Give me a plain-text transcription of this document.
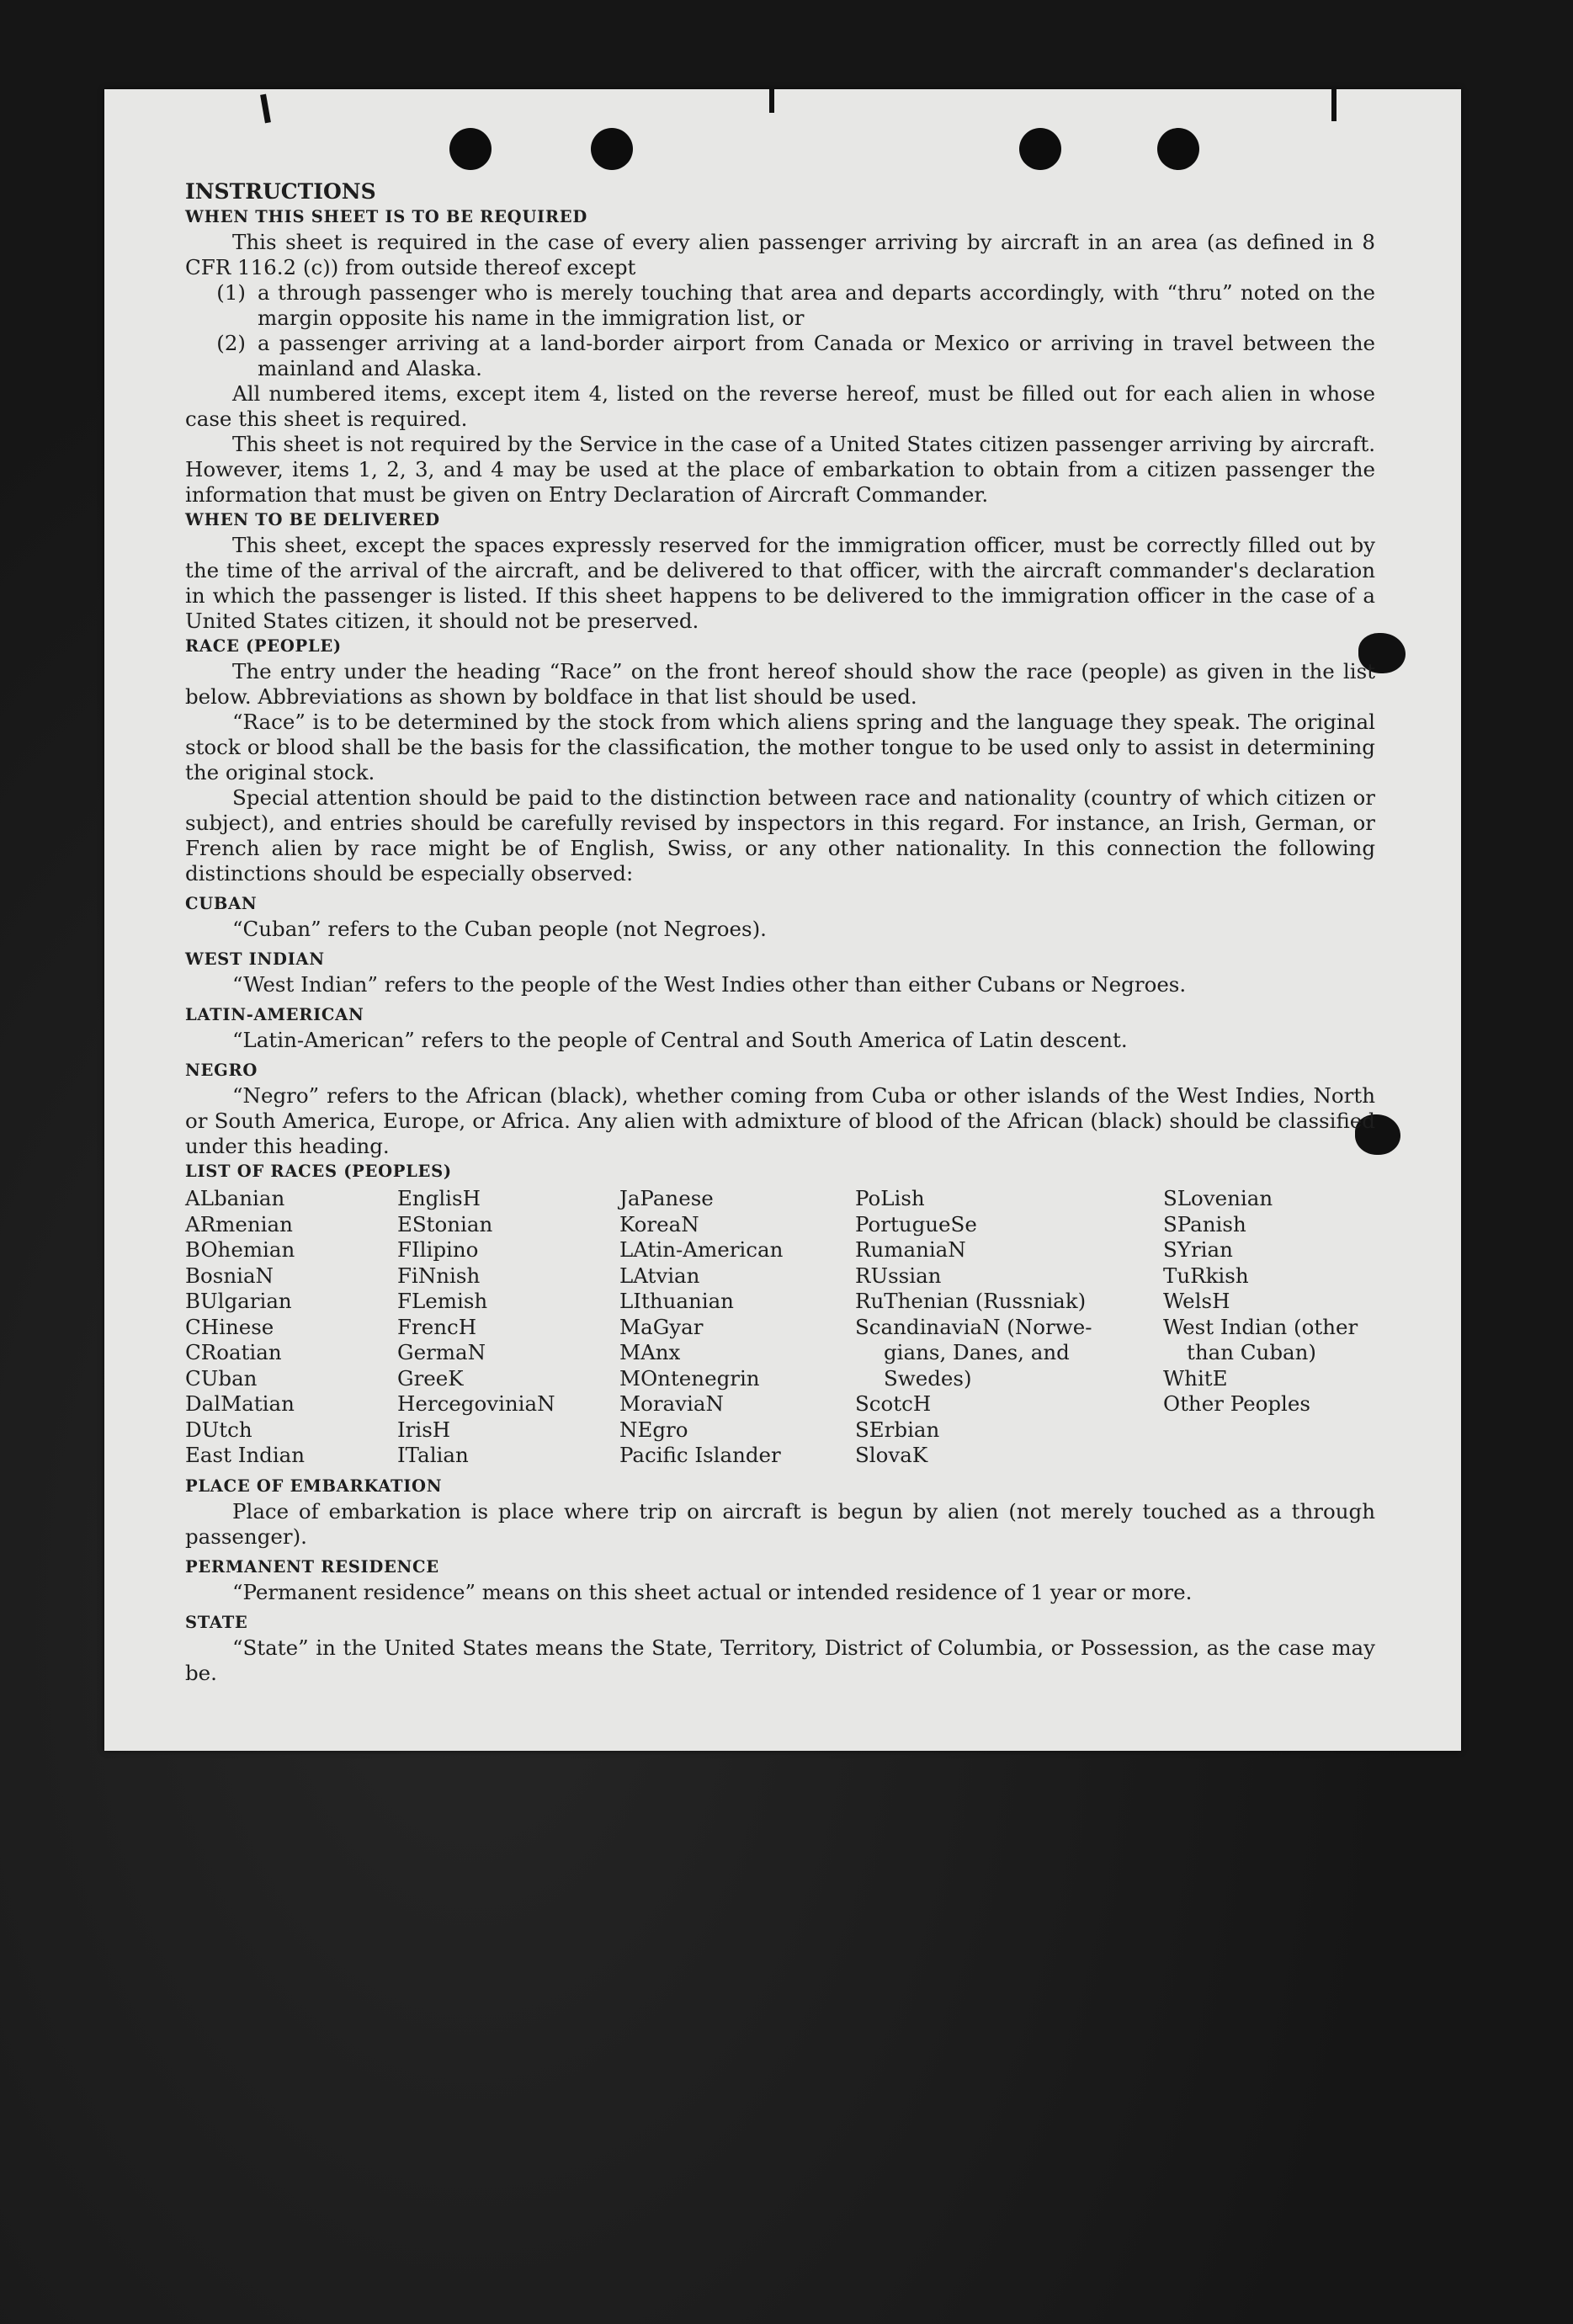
INSTRUCTIONS

WHEN THIS SHEET IS TO BE REQUIRED

This sheet is required in the case of every alien passenger arriving by aircraft in an area (as defined in 8 CFR 116.2 (c)) from outside thereof except

(1) a through passenger who is merely touching that area and departs accordingly, with “thru” noted on the margin opposite his name in the immigration list, or
(2) a passenger arriving at a land-border airport from Canada or Mexico or arriving in travel between the mainland and Alaska.

All numbered items, except item 4, listed on the reverse hereof, must be filled out for each alien in whose case this sheet is required.

This sheet is not required by the Service in the case of a United States citizen passenger arriving by aircraft. However, items 1, 2, 3, and 4 may be used at the place of embarkation to obtain from a citizen passenger the information that must be given on Entry Declaration of Aircraft Commander.

WHEN TO BE DELIVERED

This sheet, except the spaces expressly reserved for the immigration officer, must be correctly filled out by the time of the arrival of the aircraft, and be delivered to that officer, with the aircraft commander's declaration in which the passenger is listed. If this sheet happens to be delivered to the immigration officer in the case of a United States citizen, it should not be preserved.

RACE (PEOPLE)

The entry under the heading “Race” on the front hereof should show the race (people) as given in the list below. Abbreviations as shown by boldface in that list should be used.

“Race” is to be determined by the stock from which aliens spring and the language they speak. The original stock or blood shall be the basis for the classification, the mother tongue to be used only to assist in determining the original stock.

Special attention should be paid to the distinction between race and nationality (country of which citizen or subject), and entries should be carefully revised by inspectors in this regard. For instance, an Irish, German, or French alien by race might be of English, Swiss, or any other nationality. In this connection the following distinctions should be especially observed:

CUBAN

“Cuban” refers to the Cuban people (not Negroes).

WEST INDIAN

“West Indian” refers to the people of the West Indies other than either Cubans or Negroes.

LATIN-AMERICAN

“Latin-American” refers to the people of Central and South America of Latin descent.

NEGRO

“Negro” refers to the African (black), whether coming from Cuba or other islands of the West Indies, North or South America, Europe, or Africa. Any alien with admixture of blood of the African (black) should be classified under this heading.

LIST OF RACES (PEOPLES)

ALbanian
ARmenian
BOhemian
BosniaN
BUlgarian
CHinese
CRoatian
CUban
DalMatian
DUtch
East Indian
EnglisH
EStonian
FIlipino
FiNnish
FLemish
FrencH
GermaN
GreeK
HercegoviniaN
IrisH
ITalian
JaPanese
KoreaN
LAtin-American
LAtvian
LIthuanian
MaGyar
MAnx
MOntenegrin
MoraviaN
NEgro
Pacific Islander
PoLish
PortugueSe
RumaniaN
RUssian
RuThenian (Russniak)
ScandinaviaN (Norwe-
gians, Danes, and
Swedes)
ScotcH
SErbian
SlovaK
SLovenian
SPanish
SYrian
TuRkish
WelsH
West Indian (other
than Cuban)
WhitE
Other Peoples

PLACE OF EMBARKATION

Place of embarkation is place where trip on aircraft is begun by alien (not merely touched as a through passenger).

PERMANENT RESIDENCE

“Permanent residence” means on this sheet actual or intended residence of 1 year or more.

STATE

“State” in the United States means the State, Territory, District of Columbia, or Possession, as the case may be.
